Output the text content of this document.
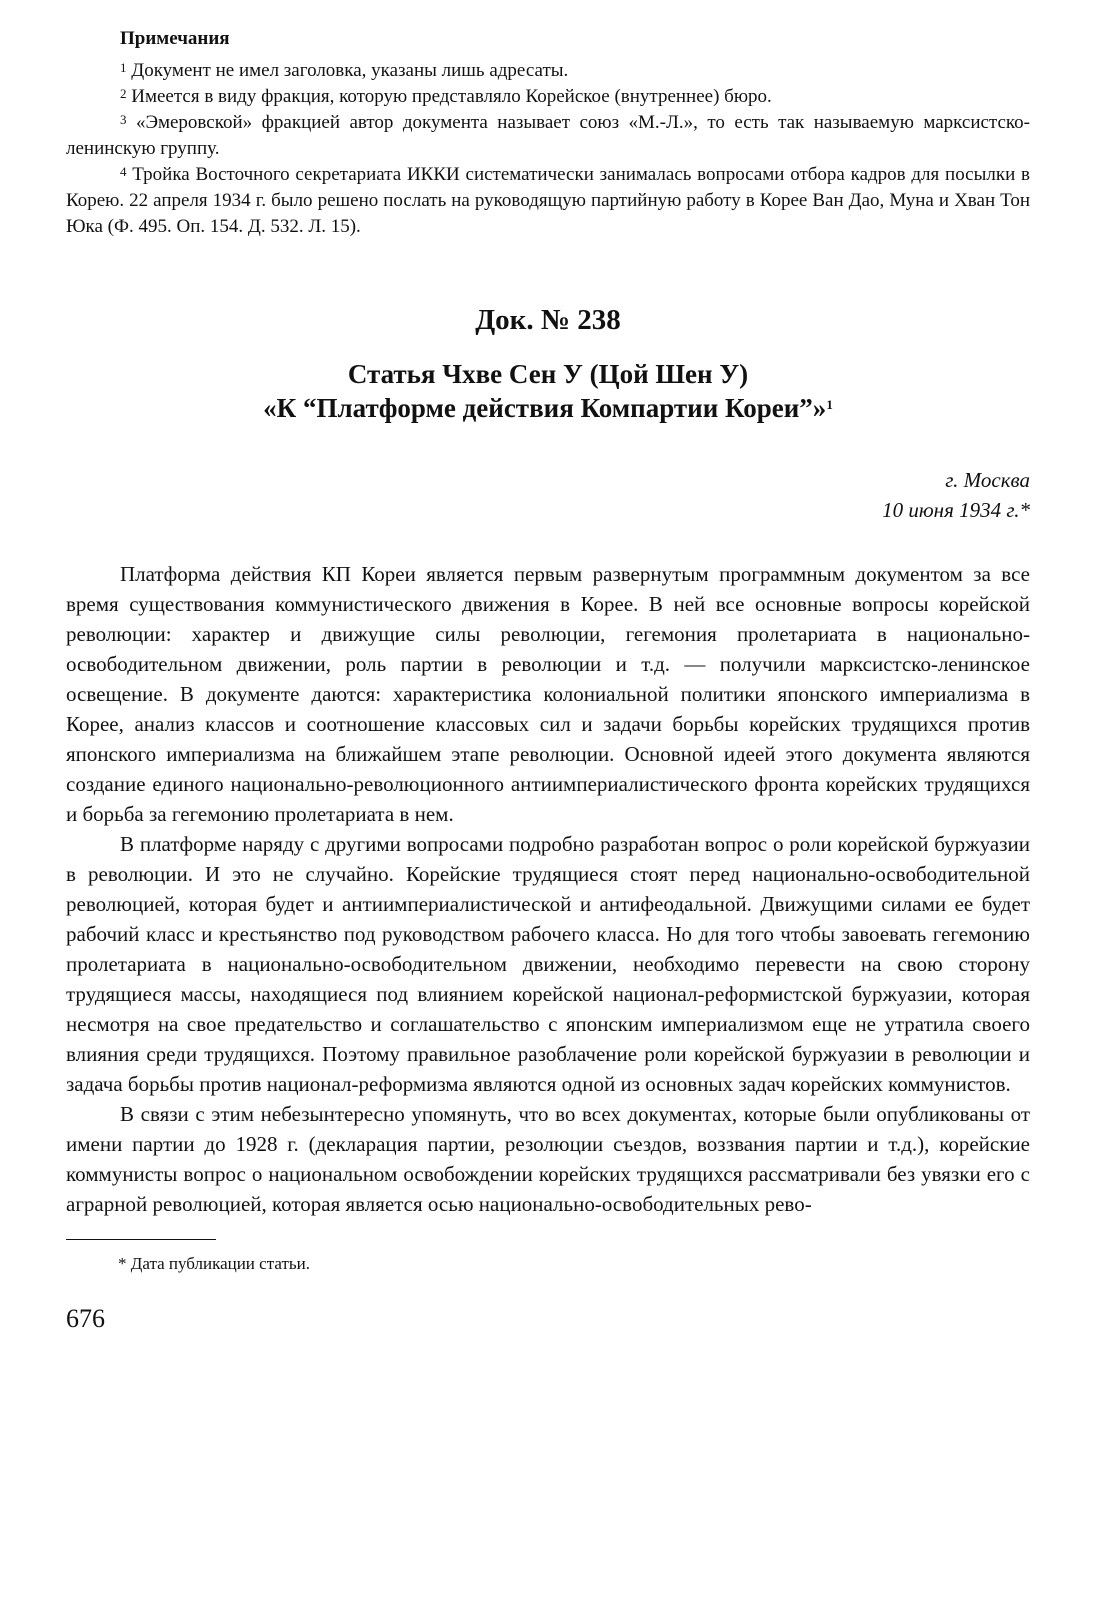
Примечания

$^1$ Документ не имел заголовка, указаны лишь адресаты.

$^2$ Имеется в виду фракция, которую представляло Корейское (внутреннее) бюро.

$^3$ «Эмеровской» фракцией автор документа называет союз «М.-Л.», то есть так называемую марксистско-ленинскую группу.

$^4$ Тройка Восточного секретариата ИККИ систематически занималась вопросами отбора кадров для посылки в Корею. 22 апреля 1934 г. было решено послать на руководящую партийную работу в Корее Ван Дао, Муна и Хван Тон Юка (Ф. 495. Оп. 154. Д. 532. Л. 15).

Док. № 238

Статья Чхве Сен У (Цой Шен У)

«К “Платформе действия Компартии Кореи”»$^1$

г. Москва
10 июня 1934 г.*

Платформа действия КП Кореи является первым развернутым программным документом за все время существования коммунистического движения в Корее. В ней все основные вопросы корейской революции: характер и движущие силы революции, гегемония пролетариата в национально-освободительном движении, роль партии в революции и т.д. — получили марксистско-ленинское освещение. В документе даются: характеристика колониальной политики японского империализма в Корее, анализ классов и соотношение классовых сил и задачи борьбы корейских трудящихся против японского империализма на ближайшем этапе революции. Основной идеей этого документа являются создание единого национально-революционного антиимпериалистического фронта корейских трудящихся и борьба за гегемонию пролетариата в нем.

В платформе наряду с другими вопросами подробно разработан вопрос о роли корейской буржуазии в революции. И это не случайно. Корейские трудящиеся стоят перед национально-освободительной революцией, которая будет и антиимпериалистической и антифеодальной. Движущими силами ее будет рабочий класс и крестьянство под руководством рабочего класса. Но для того чтобы завоевать гегемонию пролетариата в национально-освободительном движении, необходимо перевести на свою сторону трудящиеся массы, находящиеся под влиянием корейской национал-реформистской буржуазии, которая несмотря на свое предательство и соглашательство с японским империализмом еще не утратила своего влияния среди трудящихся. Поэтому правильное разоблачение роли корейской буржуазии в революции и задача борьбы против национал-реформизма являются одной из основных задач корейских коммунистов.

В связи с этим небезынтересно упомянуть, что во всех документах, которые были опубликованы от имени партии до 1928 г. (декларация партии, резолюции съездов, воззвания партии и т.д.), корейские коммунисты вопрос о национальном освобождении корейских трудящихся рассматривали без увязки его с аграрной революцией, которая является осью национально-освободительных рево-

* Дата публикации статьи.
676
